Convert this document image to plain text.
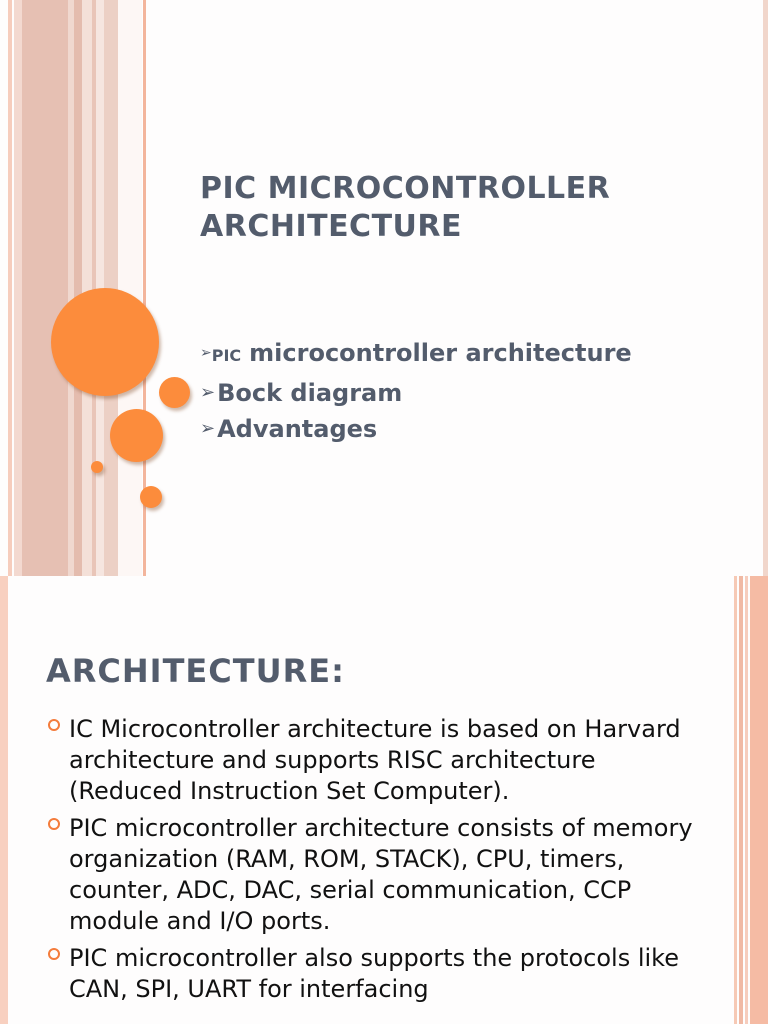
PIC MICROCONTROLLER ARCHITECTURE
➢PIC microcontroller architecture
➢Bock diagram
➢Advantages
ARCHITECTURE:
IC Microcontroller architecture is based on Harvard architecture and supports RISC architecture (Reduced Instruction Set Computer).
PIC microcontroller architecture consists of memory organization (RAM, ROM, STACK), CPU, timers, counter, ADC, DAC, serial communication, CCP module and I/O ports.
PIC microcontroller also supports the protocols like CAN, SPI, UART for interfacing
